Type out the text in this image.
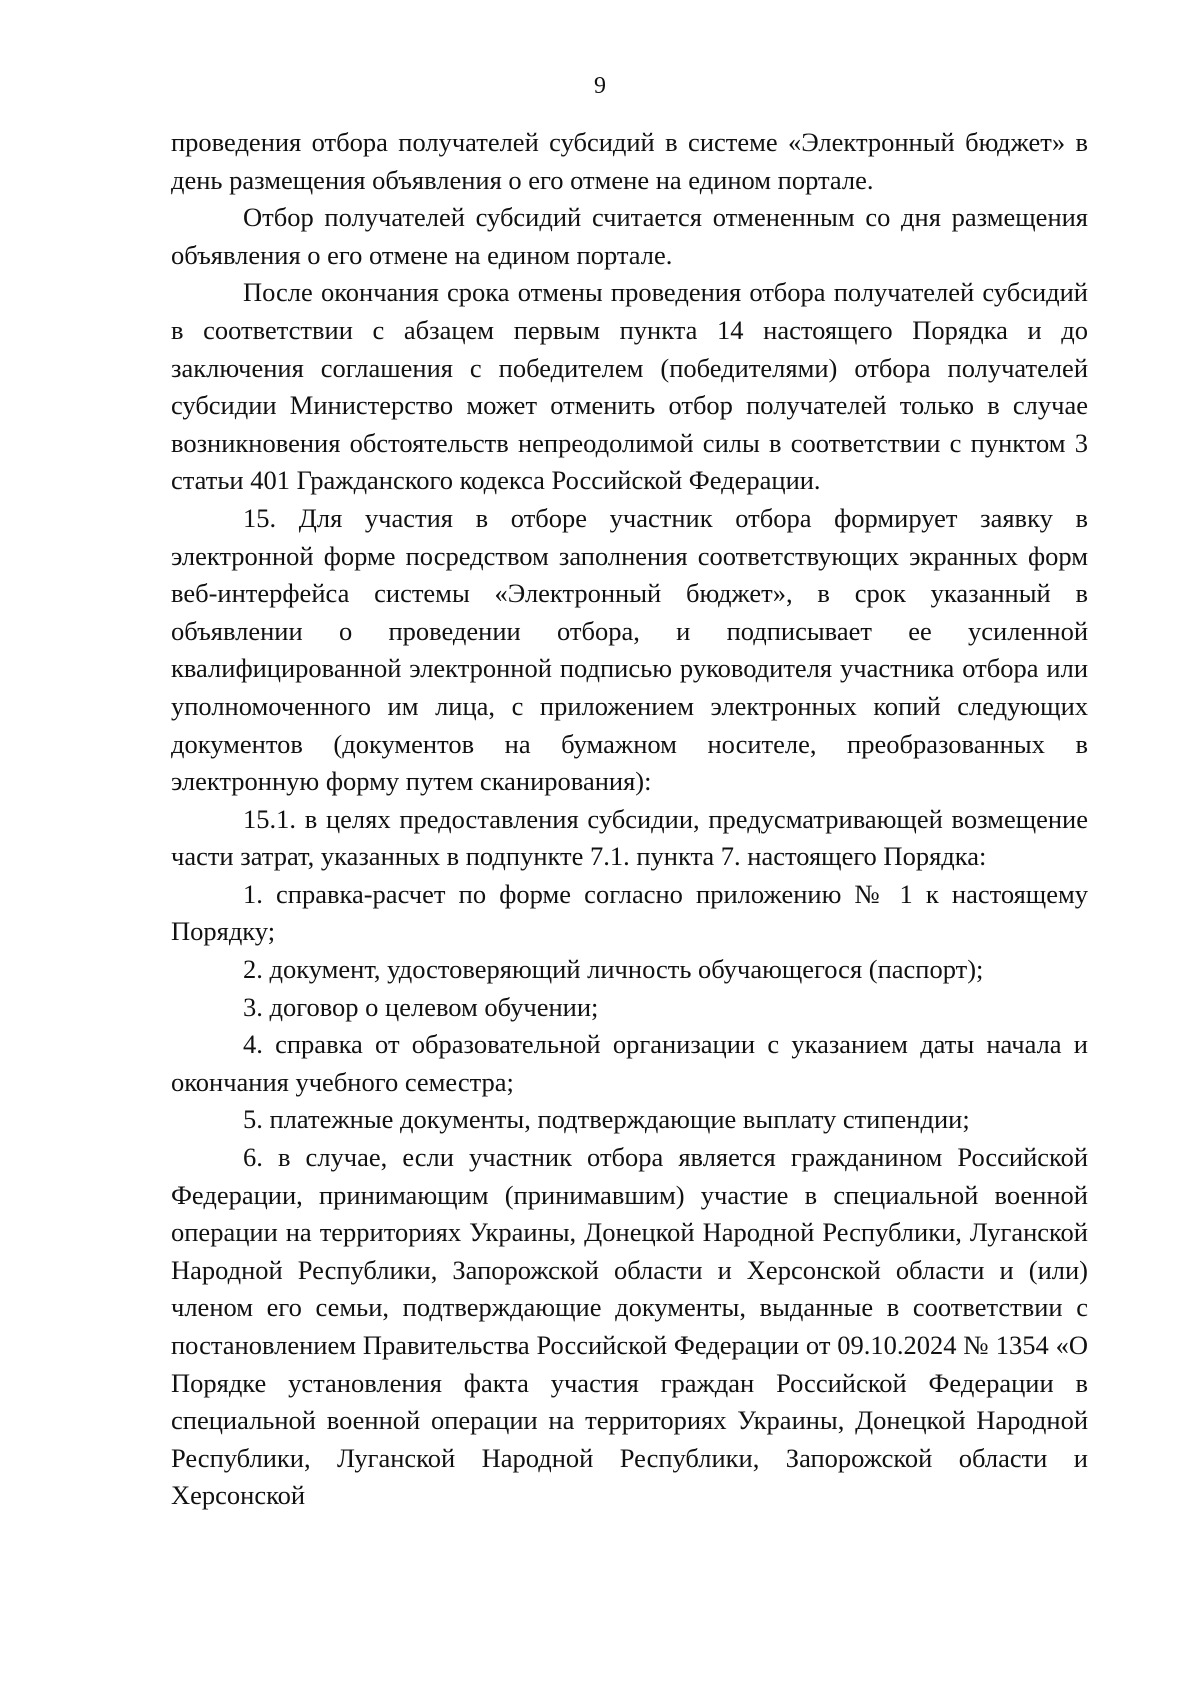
9

проведения отбора получателей субсидий в системе «Электронный бюджет» в день размещения объявления о его отмене на едином портале.

Отбор получателей субсидий считается отмененным со дня размещения объявления о его отмене на едином портале.

После окончания срока отмены проведения отбора получателей субсидий в соответствии с абзацем первым пункта 14 настоящего Порядка и до заключения соглашения с победителем (победителями) отбора получателей субсидии Министерство может отменить отбор получателей только в случае возникновения обстоятельств непреодолимой силы в соответствии с пунктом 3 статьи 401 Гражданского кодекса Российской Федерации.

15. Для участия в отборе участник отбора формирует заявку в электронной форме посредством заполнения соответствующих экранных форм веб-интерфейса системы «Электронный бюджет», в срок указанный в объявлении о проведении отбора, и подписывает ее усиленной квалифицированной электронной подписью руководителя участника отбора или уполномоченного им лица, с приложением электронных копий следующих документов (документов на бумажном носителе, преобразованных в электронную форму путем сканирования):

15.1. в целях предоставления субсидии, предусматривающей возмещение части затрат, указанных в подпункте 7.1. пункта 7. настоящего Порядка:

1. справка-расчет по форме согласно приложению № 1 к настоящему Порядку;

2. документ, удостоверяющий личность обучающегося (паспорт);

3. договор о целевом обучении;

4. справка от образовательной организации с указанием даты начала и окончания учебного семестра;

5. платежные документы, подтверждающие выплату стипендии;

6. в случае, если участник отбора является гражданином Российской Федерации, принимающим (принимавшим) участие в специальной военной операции на территориях Украины, Донецкой Народной Республики, Луганской Народной Республики, Запорожской области и Херсонской области и (или) членом его семьи, подтверждающие документы, выданные в соответствии с постановлением Правительства Российской Федерации от 09.10.2024 № 1354 «О Порядке установления факта участия граждан Российской Федерации в специальной военной операции на территориях Украины, Донецкой Народной Республики, Луганской Народной Республики, Запорожской области и Херсонской
